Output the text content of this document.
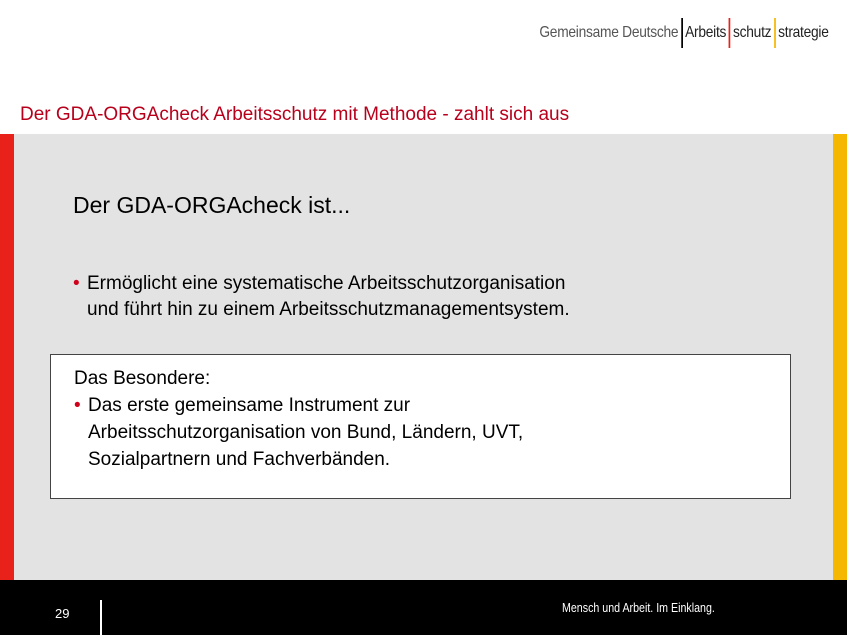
Gemeinsame Deutsche Arbeits schutz strategie
Der GDA-ORGAcheck Arbeitsschutz mit Methode - zahlt sich aus
Der GDA-ORGAcheck ist...
• Ermöglicht eine systematische Arbeitsschutzorganisation
und führt hin zu einem Arbeitsschutzmanagementsystem.
Das Besondere:
• Das erste gemeinsame Instrument zur
Arbeitsschutzorganisation von Bund, Ländern, UVT,
Sozialpartnern und Fachverbänden.
29	Mensch und Arbeit. Im Einklang.
